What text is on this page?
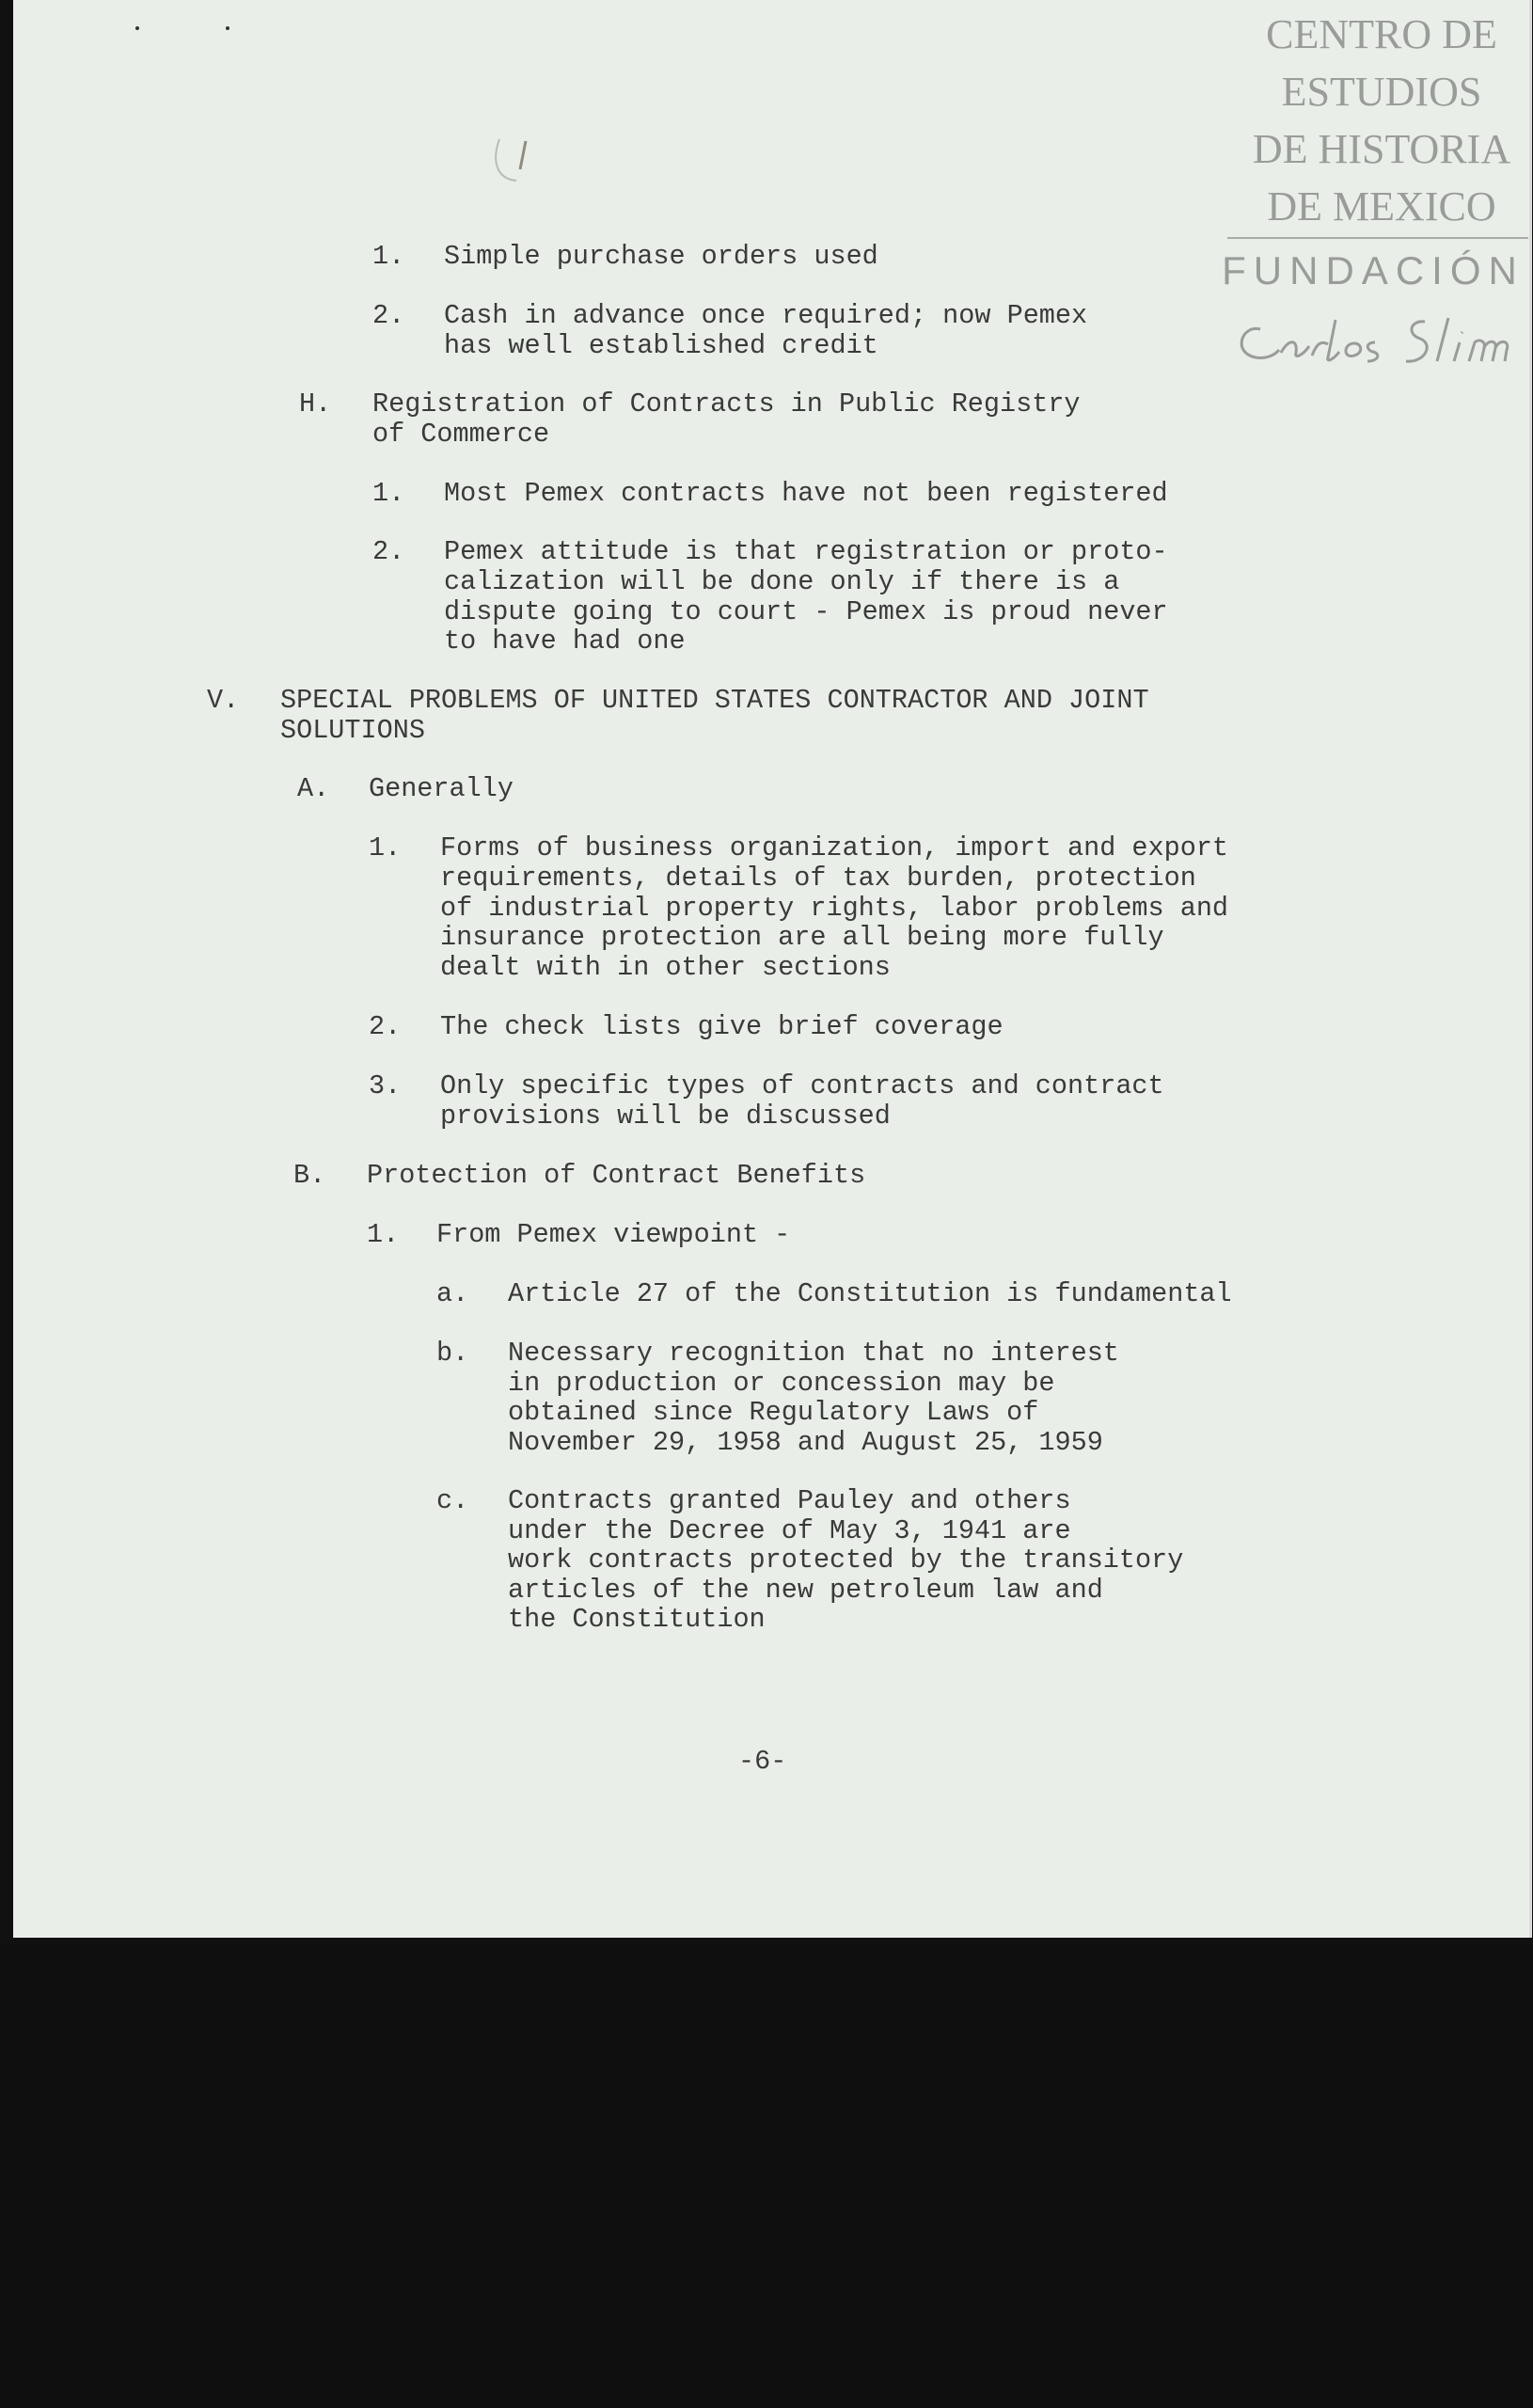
CENTRO DE
ESTUDIOS
DE HISTORIA
DE MEXICO
FUNDACIÓN

1.

Simple purchase orders used

2.

Cash in advance once required; now Pemex

has well established credit

H.

Registration of Contracts in Public Registry

of Commerce

1.

Most Pemex contracts have not been registered

2.

Pemex attitude is that registration or proto-

calization will be done only if there is a

dispute going to court - Pemex is proud never

to have had one

V.

SPECIAL PROBLEMS OF UNITED STATES CONTRACTOR AND JOINT

SOLUTIONS

A.

Generally

1.

Forms of business organization, import and export

requirements, details of tax burden, protection

of industrial property rights, labor problems and

insurance protection are all being more fully

dealt with in other sections

2.

The check lists give brief coverage

3.

Only specific types of contracts and contract

provisions will be discussed

B.

Protection of Contract Benefits

1.

From Pemex viewpoint -

a.

Article 27 of the Constitution is fundamental

b.

Necessary recognition that no interest

in production or concession may be

obtained since Regulatory Laws of

November 29, 1958 and August 25, 1959

c.

Contracts granted Pauley and others

under the Decree of May 3, 1941 are

work contracts protected by the transitory

articles of the new petroleum law and

the Constitution

-6-
